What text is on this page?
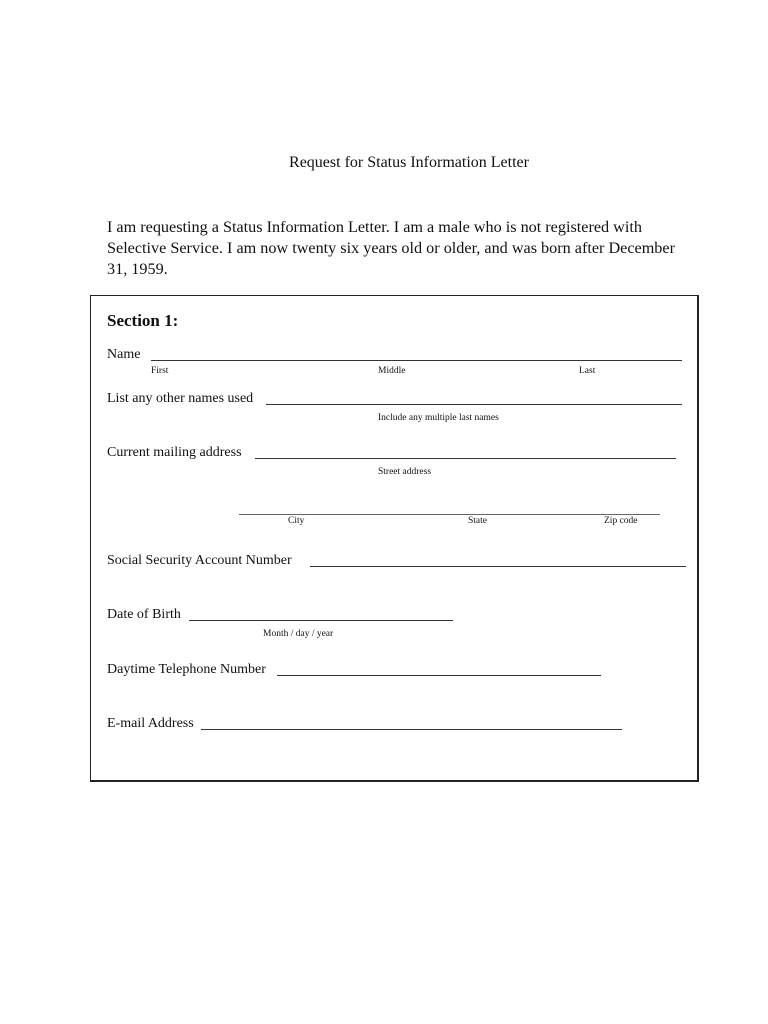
Request for Status Information Letter
I am requesting a Status Information Letter. I am a male who is not registered with Selective Service. I am now twenty six years old or older, and was born after December 31, 1959.
Section 1:
Name
First	Middle	Last
List any other names used
Include any multiple last names
Current mailing address
Street address
City	State	Zip code
Social Security Account Number
Date of Birth
Month / day / year
Daytime Telephone Number
E-mail Address
